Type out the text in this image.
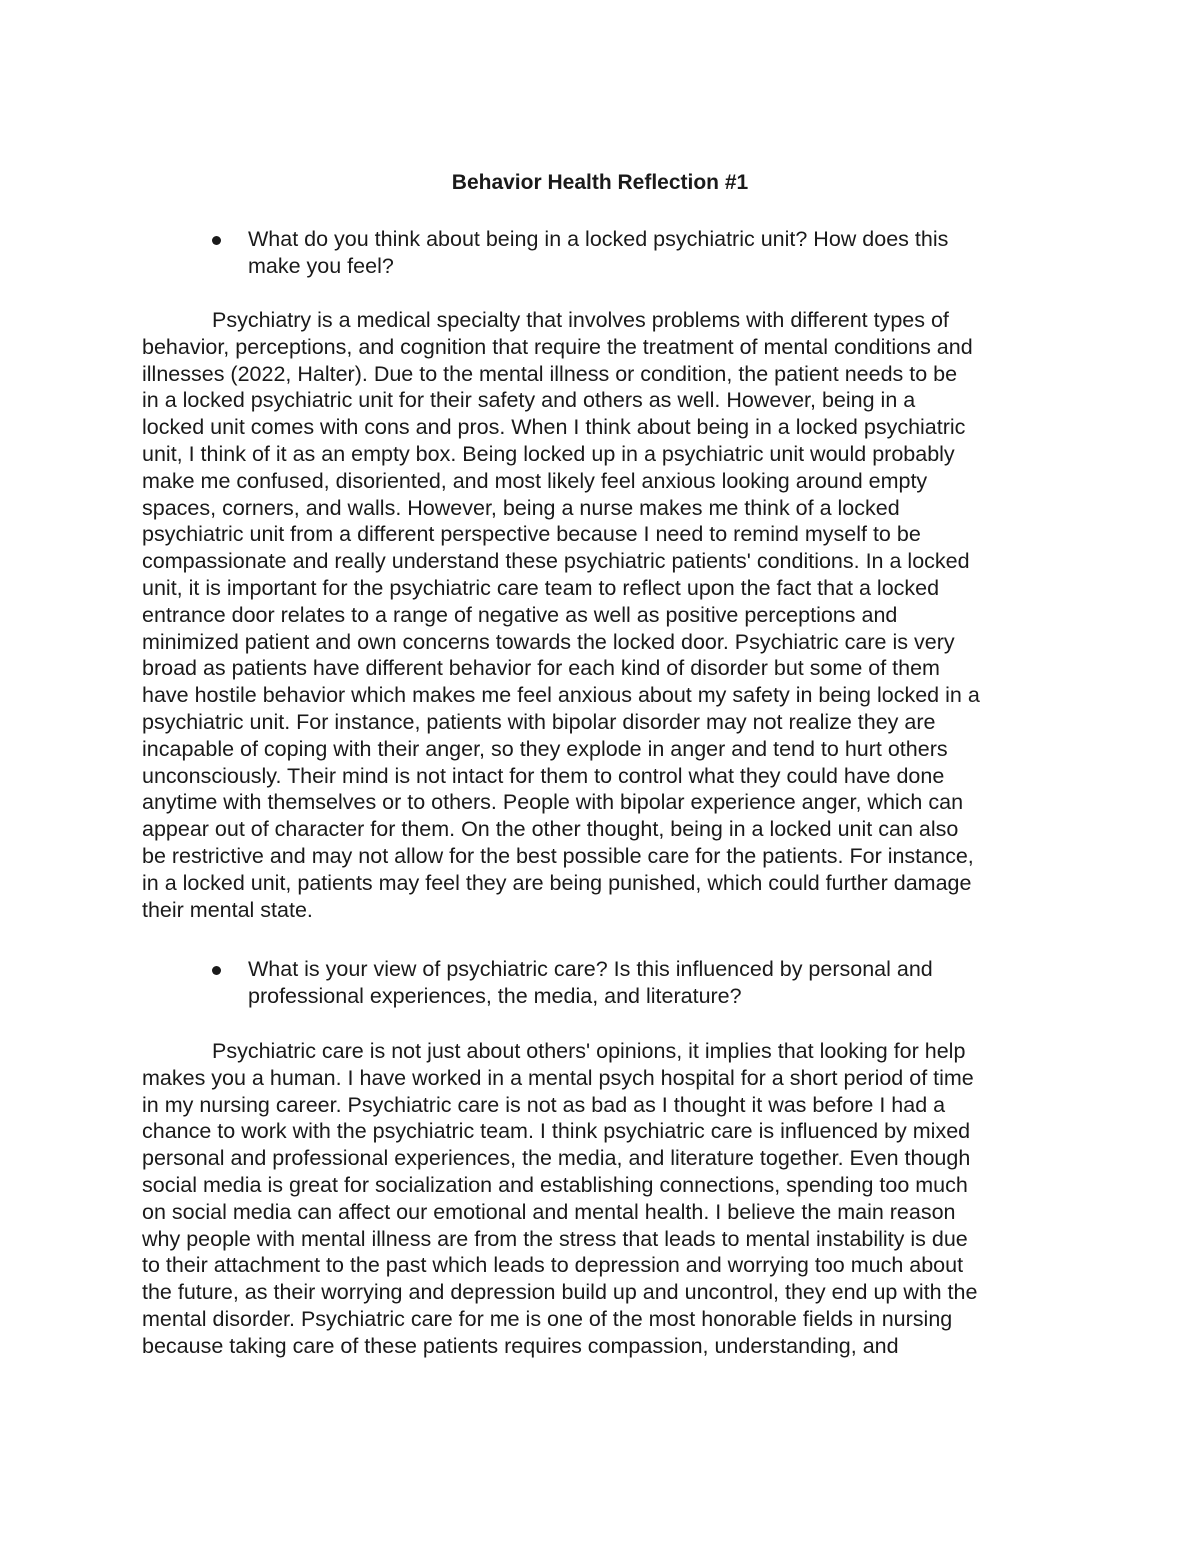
Behavior Health Reflection #1

What do you think about being in a locked psychiatric unit? How does this
make you feel?

Psychiatry is a medical specialty that involves problems with different types of
behavior, perceptions, and cognition that require the treatment of mental conditions and
illnesses (2022, Halter). Due to the mental illness or condition, the patient needs to be
in a locked psychiatric unit for their safety and others as well. However, being in a
locked unit comes with cons and pros. When I think about being in a locked psychiatric
unit, I think of it as an empty box. Being locked up in a psychiatric unit would probably
make me confused, disoriented, and most likely feel anxious looking around empty
spaces, corners, and walls. However, being a nurse makes me think of a locked
psychiatric unit from a different perspective because I need to remind myself to be
compassionate and really understand these psychiatric patients' conditions. In a locked
unit, it is important for the psychiatric care team to reflect upon the fact that a locked
entrance door relates to a range of negative as well as positive perceptions and
minimized patient and own concerns towards the locked door. Psychiatric care is very
broad as patients have different behavior for each kind of disorder but some of them
have hostile behavior which makes me feel anxious about my safety in being locked in a
psychiatric unit. For instance, patients with bipolar disorder may not realize they are
incapable of coping with their anger, so they explode in anger and tend to hurt others
unconsciously. Their mind is not intact for them to control what they could have done
anytime with themselves or to others. People with bipolar experience anger, which can
appear out of character for them. On the other thought, being in a locked unit can also
be restrictive and may not allow for the best possible care for the patients. For instance,
in a locked unit, patients may feel they are being punished, which could further damage
their mental state.

What is your view of psychiatric care? Is this influenced by personal and
professional experiences, the media, and literature?

Psychiatric care is not just about others' opinions, it implies that looking for help
makes you a human. I have worked in a mental psych hospital for a short period of time
in my nursing career. Psychiatric care is not as bad as I thought it was before I had a
chance to work with the psychiatric team. I think psychiatric care is influenced by mixed
personal and professional experiences, the media, and literature together. Even though
social media is great for socialization and establishing connections, spending too much
on social media can affect our emotional and mental health. I believe the main reason
why people with mental illness are from the stress that leads to mental instability is due
to their attachment to the past which leads to depression and worrying too much about
the future, as their worrying and depression build up and uncontrol, they end up with the
mental disorder. Psychiatric care for me is one of the most honorable fields in nursing
because taking care of these patients requires compassion, understanding, and
